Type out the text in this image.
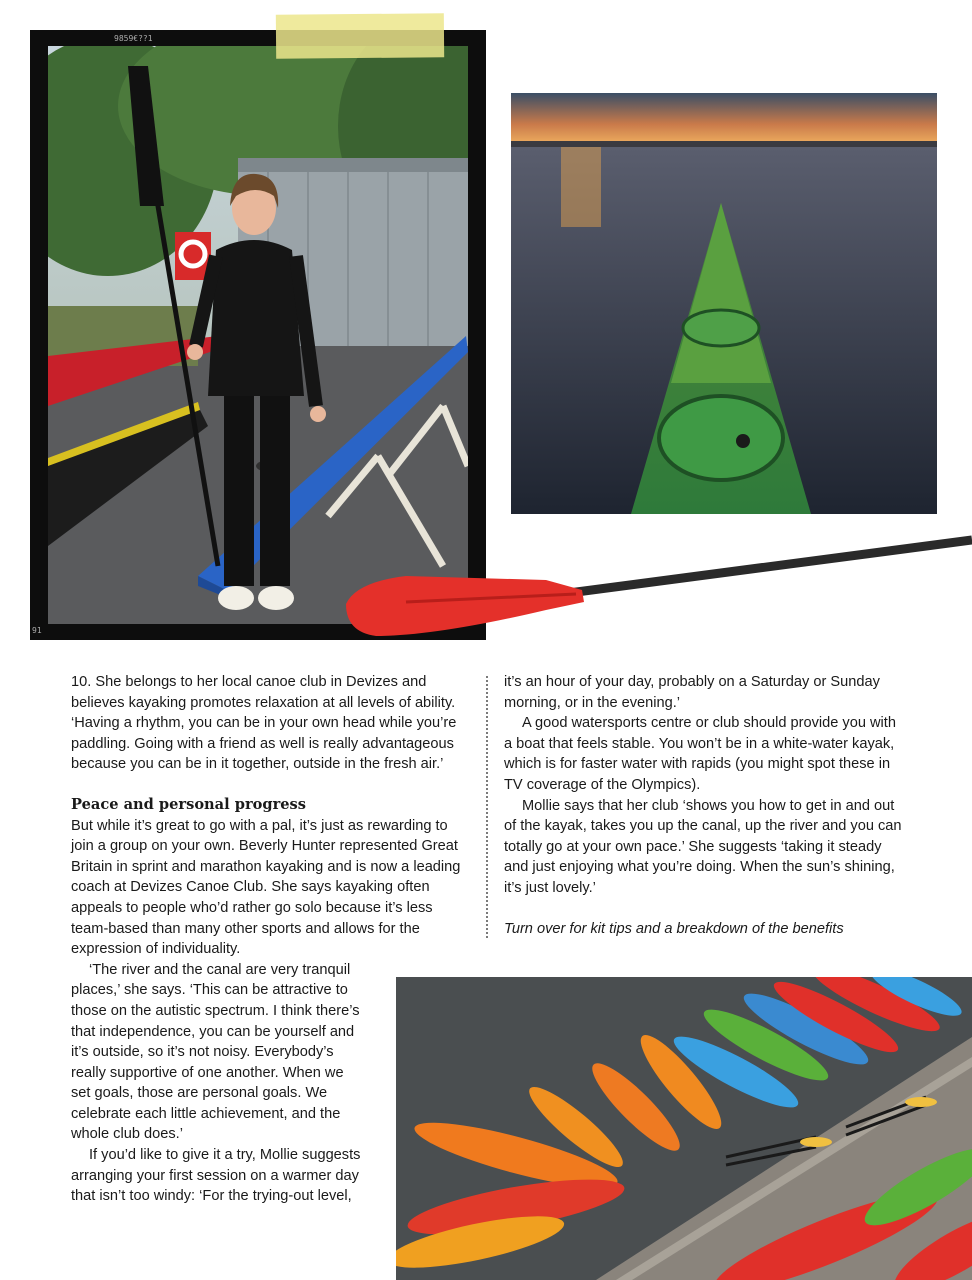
9859€??1
91

10. She belongs to her local canoe club in Devizes and believes kayaking promotes relaxation at all levels of ability. ‘Having a rhythm, you can be in your own head while you’re paddling. Going with a friend as well is really advantageous because you can be in it together, outside in the fresh air.’

Peace and personal progress

But while it’s great to go with a pal, it’s just as rewarding to join a group on your own. Beverly Hunter represented Great Britain in sprint and marathon kayaking and is now a leading coach at Devizes Canoe Club. She says kayaking often appeals to people who’d rather go solo because it’s less team-based than many other sports and allows for the expression of individuality.

‘The river and the canal are very tranquil places,’ she says. ‘This can be attractive to those on the autistic spectrum. I think there’s that independence, you can be yourself and it’s outside, so it’s not noisy. Everybody’s really supportive of one another. When we set goals, those are personal goals. We celebrate each little achievement, and the whole club does.’

If you’d like to give it a try, Mollie suggests arranging your first session on a warmer day that isn’t too windy: ‘For the trying-out level,

it’s an hour of your day, probably on a Saturday or Sunday morning, or in the evening.’

A good watersports centre or club should provide you with a boat that feels stable. You won’t be in a white-water kayak, which is for faster water with rapids (you might spot these in TV coverage of the Olympics).

Mollie says that her club ‘shows you how to get in and out of the kayak, takes you up the canal, up the river and you can totally go at your own pace.’ She suggests ‘taking it steady and just enjoying what you’re doing. When the sun’s shining, it’s just lovely.’

Turn over for kit tips and a breakdown of the benefits
